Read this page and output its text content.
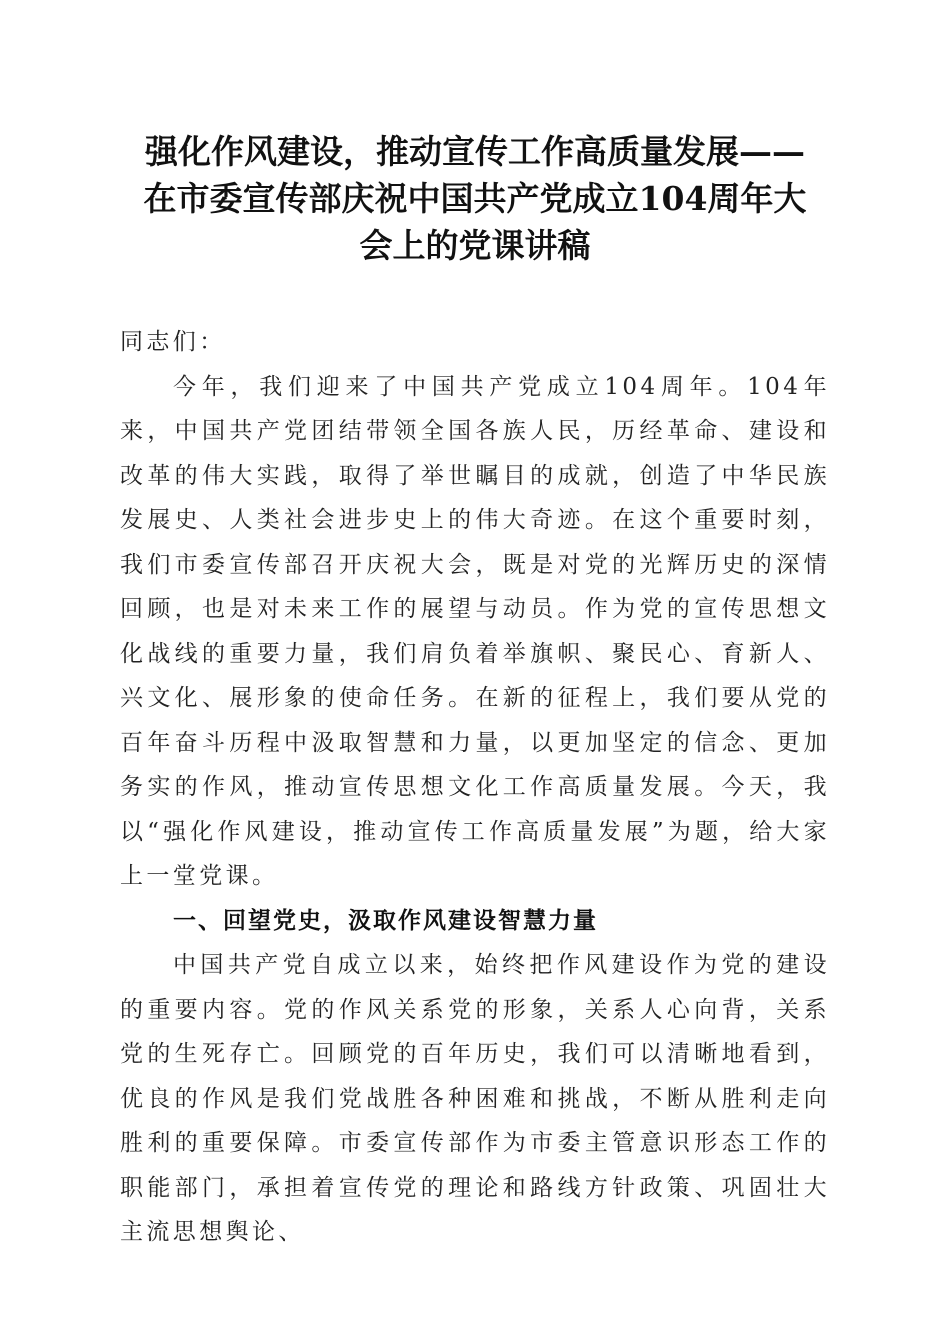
强化作风建设，推动宣传工作高质量发展——
在市委宣传部庆祝中国共产党成立104周年大
会上的党课讲稿
同志们：
今年，我们迎来了中国共产党成立104周年。104年来，中国共产党团结带领全国各族人民，历经革命、建设和改革的伟大实践，取得了举世瞩目的成就，创造了中华民族发展史、人类社会进步史上的伟大奇迹。在这个重要时刻，我们市委宣传部召开庆祝大会，既是对党的光辉历史的深情回顾，也是对未来工作的展望与动员。作为党的宣传思想文化战线的重要力量，我们肩负着举旗帜、聚民心、育新人、兴文化、展形象的使命任务。在新的征程上，我们要从党的百年奋斗历程中汲取智慧和力量，以更加坚定的信念、更加务实的作风，推动宣传思想文化工作高质量发展。今天，我以“强化作风建设，推动宣传工作高质量发展”为题，给大家上一堂党课。
一、回望党史，汲取作风建设智慧力量
中国共产党自成立以来，始终把作风建设作为党的建设的重要内容。党的作风关系党的形象，关系人心向背，关系党的生死存亡。回顾党的百年历史，我们可以清晰地看到，优良的作风是我们党战胜各种困难和挑战，不断从胜利走向胜利的重要保障。市委宣传部作为市委主管意识形态工作的职能部门，承担着宣传党的理论和路线方针政策、巩固壮大主流思想舆论、
